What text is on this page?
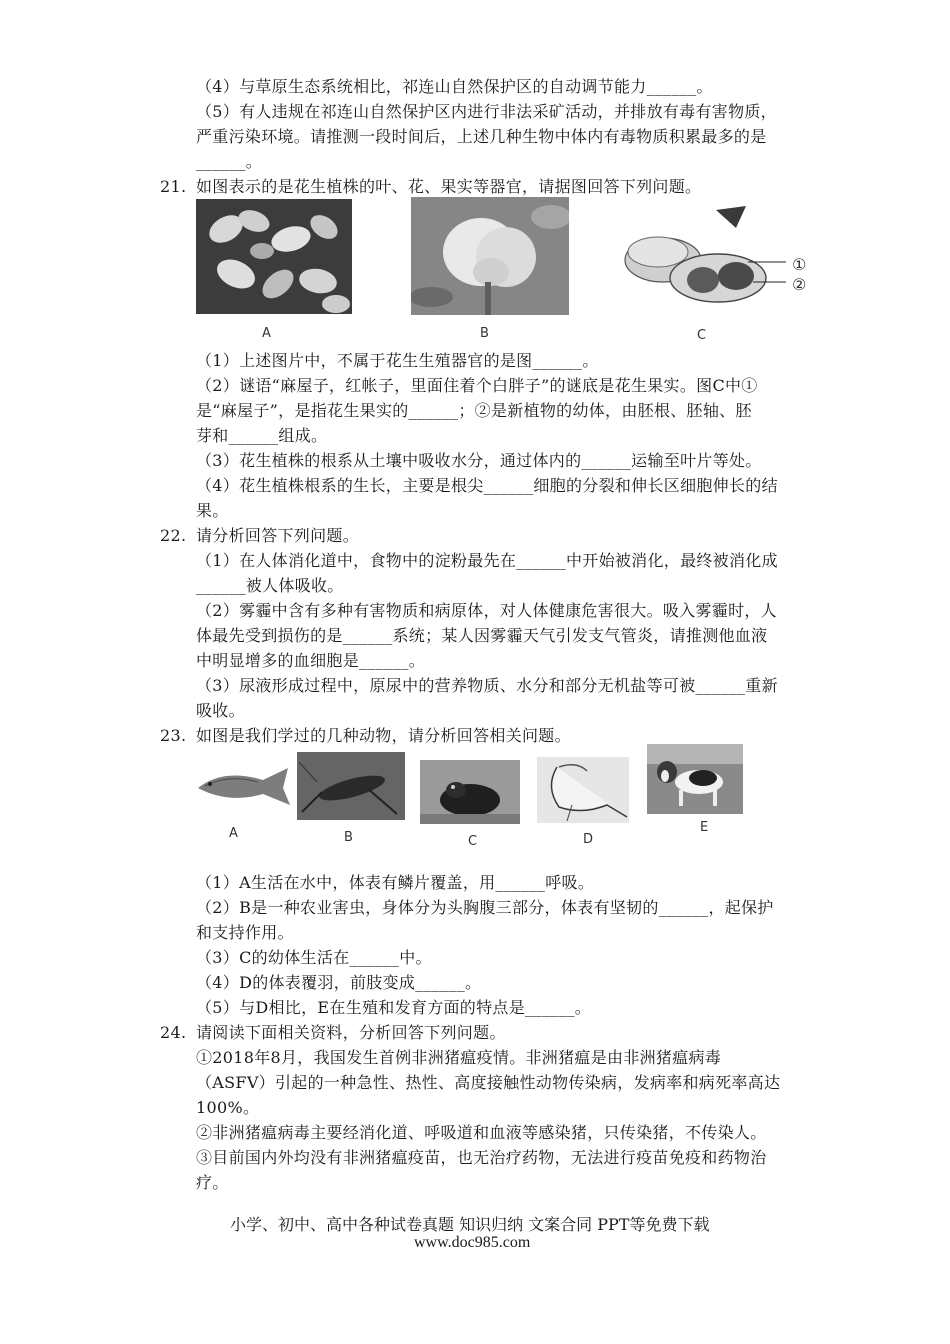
（4）与草原生态系统相比，祁连山自然保护区的自动调节能力______。
（5）有人违规在祁连山自然保护区内进行非法采矿活动，并排放有毒有害物质，
严重污染环境。请推测一段时间后，上述几种生物中体内有毒物质积累最多的是
______。
21. 如图表示的是花生植株的叶、花、果实等器官，请据图回答下列问题。
①
②
A	B	C
（1）上述图片中，不属于花生生殖器官的是图______。
（2）谜语“麻屋子，红帐子，里面住着个白胖子”的谜底是花生果实。图C中①
是“麻屋子”，是指花生果实的______；②是新植物的幼体，由胚根、胚轴、胚
芽和______组成。
（3）花生植株的根系从土壤中吸收水分，通过体内的______运输至叶片等处。
（4）花生植株根系的生长，主要是根尖______细胞的分裂和伸长区细胞伸长的结
果。
22. 请分析回答下列问题。
（1）在人体消化道中，食物中的淀粉最先在______中开始被消化，最终被消化成
______被人体吸收。
（2）雾霾中含有多种有害物质和病原体，对人体健康危害很大。吸入雾霾时，人
体最先受到损伤的是______系统；某人因雾霾天气引发支气管炎，请推测他血液
中明显增多的血细胞是______。
（3）尿液形成过程中，原尿中的营养物质、水分和部分无机盐等可被______重新
吸收。
23. 如图是我们学过的几种动物，请分析回答相关问题。
A	B	C	D
E
（1）A生活在水中，体表有鳞片覆盖，用______呼吸。
（2）B是一种农业害虫，身体分为头胸腹三部分，体表有坚韧的______，起保护
和支持作用。
（3）C的幼体生活在______中。
（4）D的体表覆羽，前肢变成______。
（5）与D相比，E在生殖和发育方面的特点是______。
24. 请阅读下面相关资料，分析回答下列问题。
①2018年8月，我国发生首例非洲猪瘟疫情。非洲猪瘟是由非洲猪瘟病毒
（ASFV）引起的一种急性、热性、高度接触性动物传染病，发病率和病死率高达
100%。
②非洲猪瘟病毒主要经消化道、呼吸道和血液等感染猪，只传染猪，不传染人。
③目前国内外均没有非洲猪瘟疫苗，也无治疗药物，无法进行疫苗免疫和药物治
疗。
小学、初中、高中各种试卷真题 知识归纳 文案合同 PPT等免费下载
www.doc985.com
